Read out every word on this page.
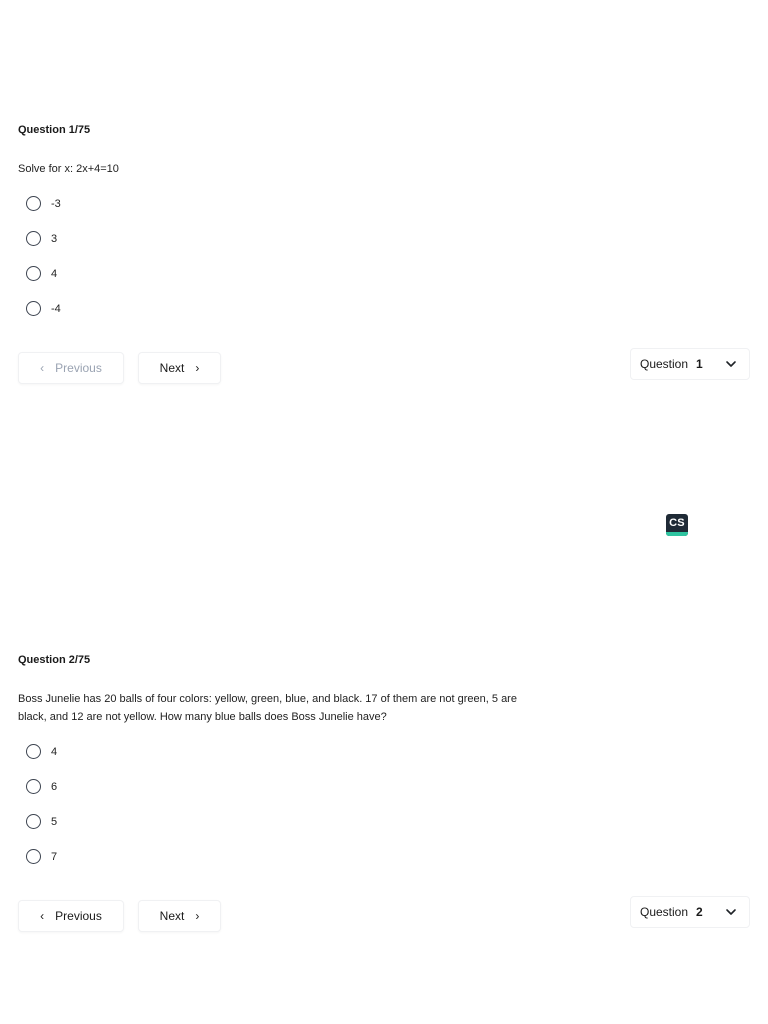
Question 1/75
Solve for x: 2x+4=10
-3
3
4
-4
‹ Previous	Next ›	Question 1
CS
Question 2/75
Boss Junelie has 20 balls of four colors: yellow, green, blue, and black. 17 of them are not green, 5 are black, and 12 are not yellow. How many blue balls does Boss Junelie have?
4
6
5
7
‹ Previous	Next ›	Question 2
